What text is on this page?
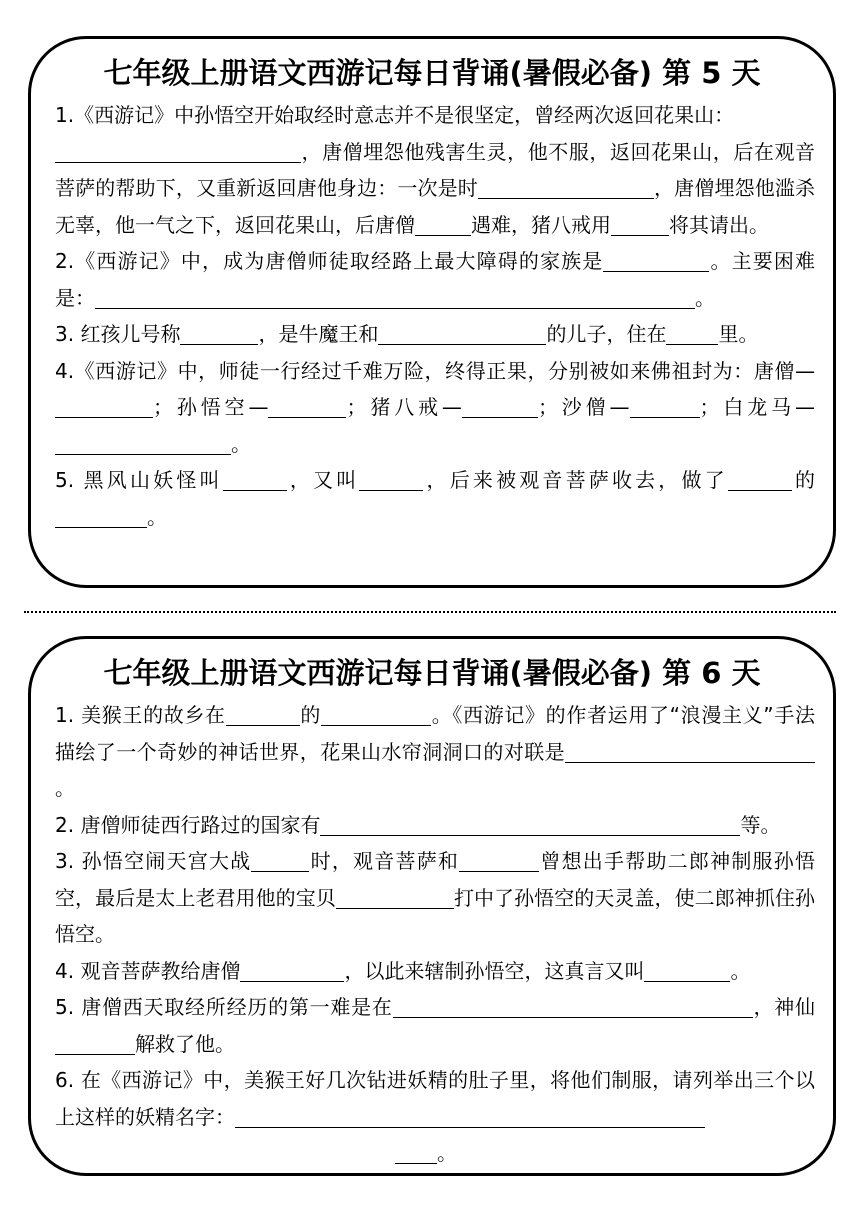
七年级上册语文西游记每日背诵(暑假必备) 第 5 天

1.《西游记》中孙悟空开始取经时意志并不是很坚定，曾经两次返回花果山：
，唐僧埋怨他残害生灵，他不服，返回花果山，后在观音菩萨的帮助下，又重新返回唐他身边：一次是时	，唐僧埋怨他滥杀无辜，他一气之下，返回花果山，后唐僧	遇难，猪八戒用	将其请出。

2.《西游记》中，成为唐僧师徒取经路上最大障碍的家族是	。主要困难是：	。

3. 红孩儿号称	，是牛魔王和	的儿子，住在	里。

4.《西游记》中，师徒一行经过千难万险，终得正果，分别被如来佛祖封为：唐僧—；孙悟空—	；猪八戒—	；沙僧—	；白龙马—。

5. 黑风山妖怪叫	，又叫	，后来被观音菩萨收去，做了	的。

七年级上册语文西游记每日背诵(暑假必备) 第 6 天

1. 美猴王的故乡在	的	。《西游记》的作者运用了“浪漫主义”手法描绘了一个奇妙的神话世界，花果山水帘洞洞口的对联是。

2. 唐僧师徒西行路过的国家有	等。

3. 孙悟空闹天宫大战	时，观音菩萨和	曾想出手帮助二郎神制服孙悟空，最后是太上老君用他的宝贝	打中了孙悟空的天灵盖，使二郎神抓住孙悟空。

4. 观音菩萨教给唐僧	，以此来辖制孙悟空，这真言又叫	。

5. 唐僧西天取经所经历的第一难是在	，神仙解救了他。

6. 在《西游记》中，美猴王好几次钻进妖精的肚子里，将他们制服，请列举出三个以上这样的妖精名字：
。
